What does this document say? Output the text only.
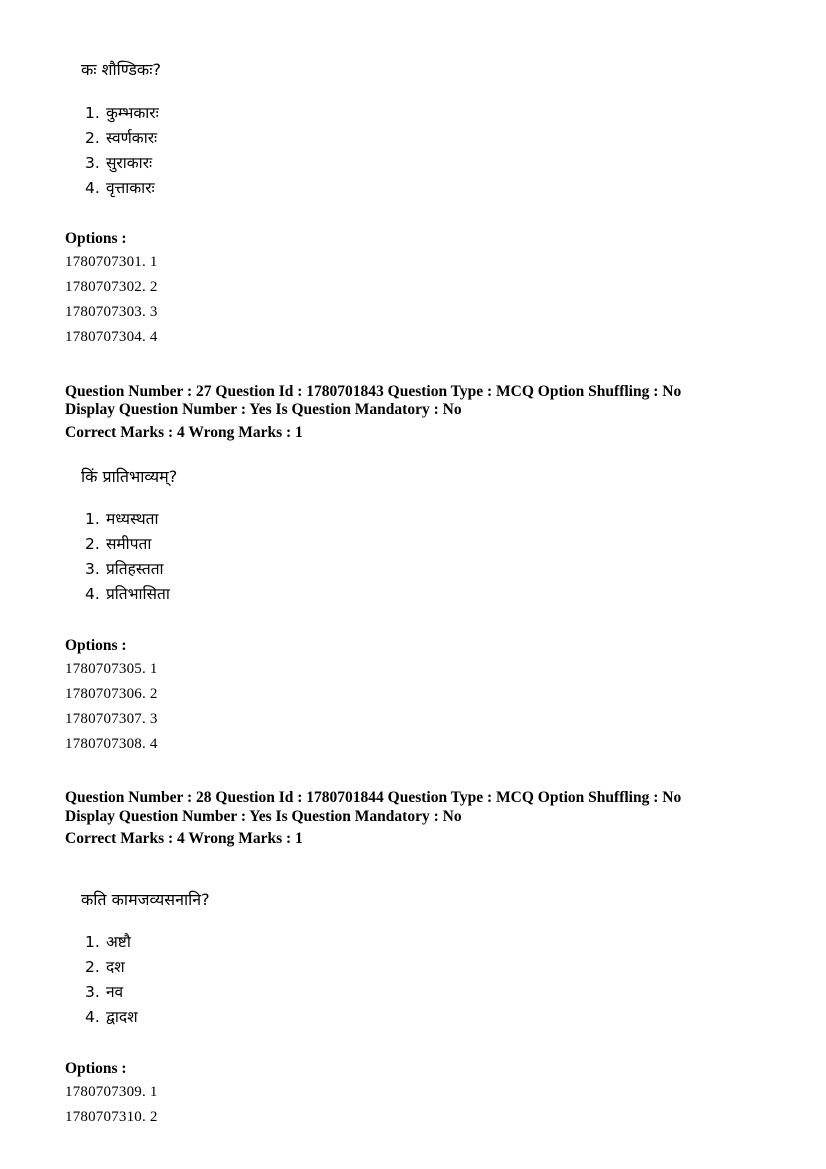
कः शौण्डिकः?
1. कुम्भकारः
2. स्वर्णकारः
3. सुराकारः
4. वृत्ताकारः
Options :
1780707301. 1
1780707302. 2
1780707303. 3
1780707304. 4
Question Number : 27 Question Id : 1780701843 Question Type : MCQ Option Shuffling : No
Display Question Number : Yes Is Question Mandatory : No
Correct Marks : 4 Wrong Marks : 1
किं प्रातिभाव्यम्?
1. मध्यस्थता
2. समीपता
3. प्रतिहस्तता
4. प्रतिभासिता
Options :
1780707305. 1
1780707306. 2
1780707307. 3
1780707308. 4
Question Number : 28 Question Id : 1780701844 Question Type : MCQ Option Shuffling : No
Display Question Number : Yes Is Question Mandatory : No
Correct Marks : 4 Wrong Marks : 1
कति कामजव्यसनानि?
1. अष्टौ
2. दश
3. नव
4. द्वादश
Options :
1780707309. 1
1780707310. 2
